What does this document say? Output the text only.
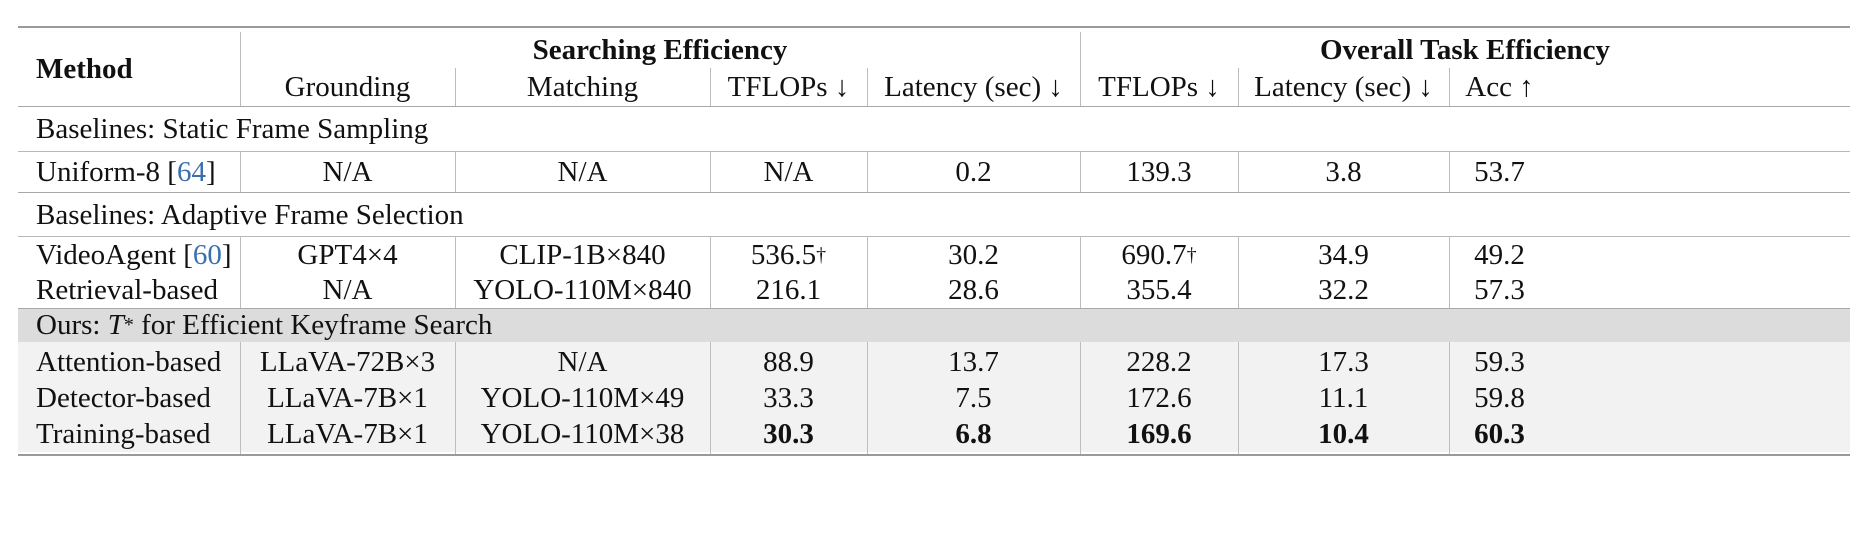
Method
Searching Efficiency	Overall Task Efficiency
Grounding	Matching	TFLOPs ↓	Latency (sec) ↓	TFLOPs ↓	Latency (sec) ↓	Acc ↑
Baselines: Static Frame Sampling
Uniform-8 [ 64 ]	N/A	N/A	N/A	0.2	139.3	3.8	53.7
Baselines: Adaptive Frame Selection
VideoAgent [ 60 ]	GPT4×4	CLIP-1B×840	536.5 †	30.2	690.7 †	34.9	49.2
Retrieval-based	N/A	YOLO-110M×840	216.1	28.6	355.4	32.2	57.3
Ours: T * for Efficient Keyframe Search
Attention-based	LLaVA-72B×3	N/A	88.9	13.7	228.2	17.3	59.3
Detector-based	LLaVA-7B×1	YOLO-110M×49	33.3	7.5	172.6	11.1	59.8
Training-based	LLaVA-7B×1	YOLO-110M×38	30.3	6.8	169.6	10.4	60.3
